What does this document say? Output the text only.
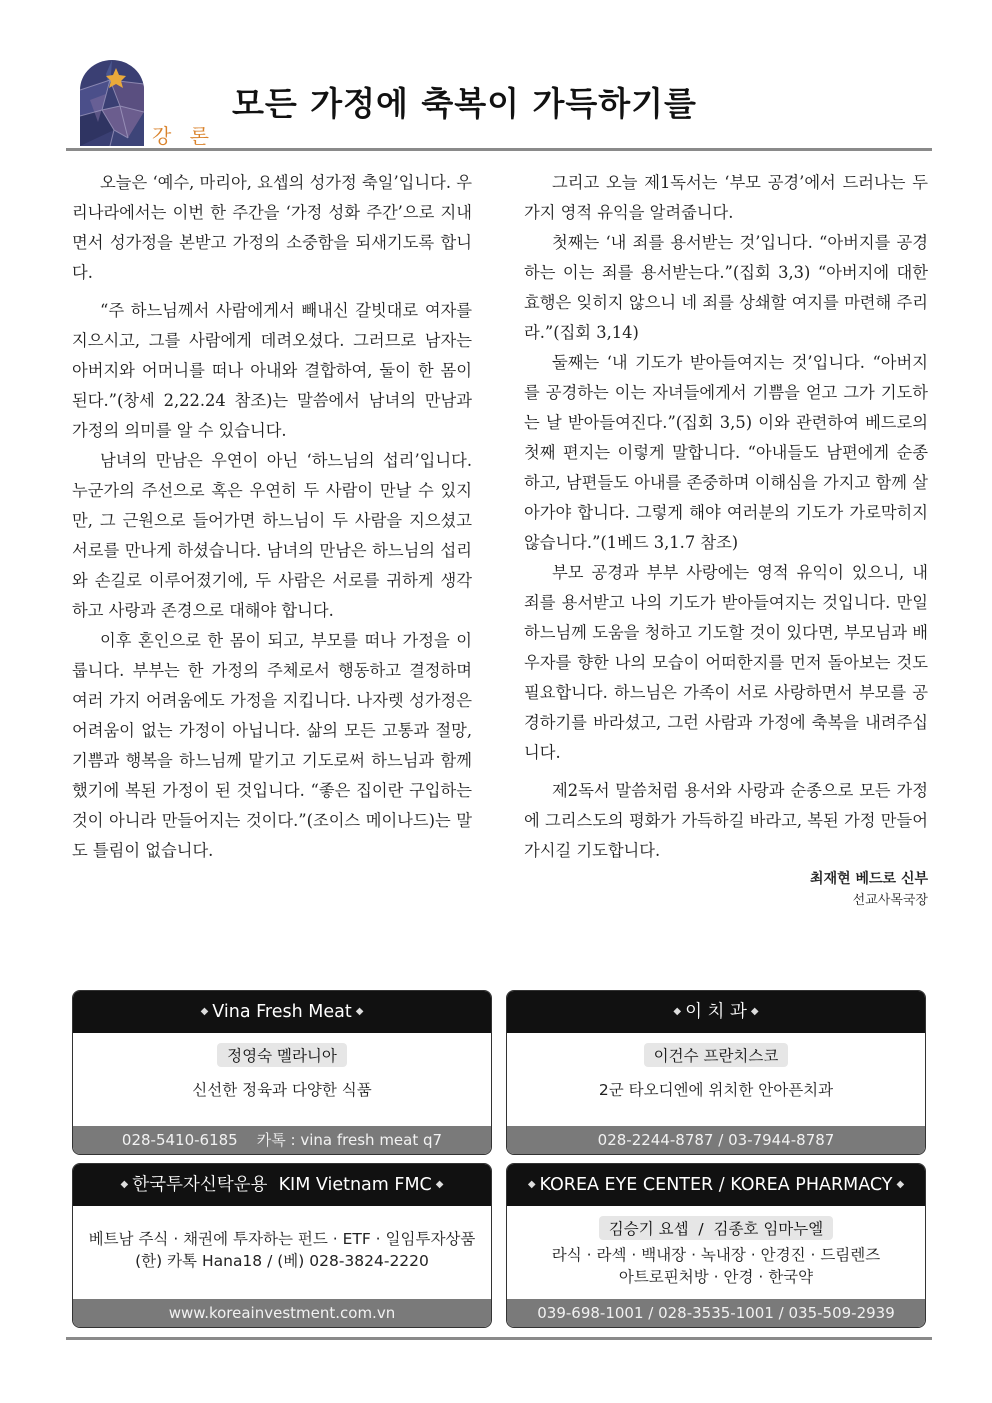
강 론
모든 가정에 축복이 가득하기를

오늘은 ‘예수, 마리아, 요셉의 성가정 축일’입니다. 우리나라에서는 이번 한 주간을 ‘가정 성화 주간’으로 지내면서 성가정을 본받고 가정의 소중함을 되새기도록 합니다.

“주 하느님께서 사람에게서 빼내신 갈빗대로 여자를 지으시고, 그를 사람에게 데려오셨다. 그러므로 남자는 아버지와 어머니를 떠나 아내와 결합하여, 둘이 한 몸이 된다.”(창세 2,22.24 참조)는 말씀에서 남녀의 만남과 가정의 의미를 알 수 있습니다.

남녀의 만남은 우연이 아닌 ‘하느님의 섭리’입니다. 누군가의 주선으로 혹은 우연히 두 사람이 만날 수 있지만, 그 근원으로 들어가면 하느님이 두 사람을 지으셨고 서로를 만나게 하셨습니다. 남녀의 만남은 하느님의 섭리와 손길로 이루어졌기에, 두 사람은 서로를 귀하게 생각하고 사랑과 존경으로 대해야 합니다.

이후 혼인으로 한 몸이 되고, 부모를 떠나 가정을 이룹니다. 부부는 한 가정의 주체로서 행동하고 결정하며 여러 가지 어려움에도 가정을 지킵니다. 나자렛 성가정은 어려움이 없는 가정이 아닙니다. 삶의 모든 고통과 절망, 기쁨과 행복을 하느님께 맡기고 기도로써 하느님과 함께 했기에 복된 가정이 된 것입니다. “좋은 집이란 구입하는 것이 아니라 만들어지는 것이다.”(조이스 메이나드)는 말도 틀림이 없습니다.

그리고 오늘 제1독서는 ‘부모 공경’에서 드러나는 두 가지 영적 유익을 알려줍니다.

첫째는 ‘내 죄를 용서받는 것’입니다. “아버지를 공경하는 이는 죄를 용서받는다.”(집회 3,3) “아버지에 대한 효행은 잊히지 않으니 네 죄를 상쇄할 여지를 마련해 주리라.”(집회 3,14)

둘째는 ‘내 기도가 받아들여지는 것’입니다. “아버지를 공경하는 이는 자녀들에게서 기쁨을 얻고 그가 기도하는 날 받아들여진다.”(집회 3,5) 이와 관련하여 베드로의 첫째 편지는 이렇게 말합니다. “아내들도 남편에게 순종하고, 남편들도 아내를 존중하며 이해심을 가지고 함께 살아가야 합니다. 그렇게 해야 여러분의 기도가 가로막히지 않습니다.”(1베드 3,1.7 참조)

부모 공경과 부부 사랑에는 영적 유익이 있으니, 내 죄를 용서받고 나의 기도가 받아들여지는 것입니다. 만일 하느님께 도움을 청하고 기도할 것이 있다면, 부모님과 배우자를 향한 나의 모습이 어떠한지를 먼저 돌아보는 것도 필요합니다. 하느님은 가족이 서로 사랑하면서 부모를 공경하기를 바라셨고, 그런 사람과 가정에 축복을 내려주십니다.

제2독서 말씀처럼 용서와 사랑과 순종으로 모든 가정에 그리스도의 평화가 가득하길 바라고, 복된 가정 만들어가시길 기도합니다.

최재현 베드로 신부
선교사목국장
◆ Vina Fresh Meat ◆
정영숙 멜라니아
신선한 정육과 다양한 식품
028-5410-6185    카톡 : vina fresh meat q7
◆ 이 치 과 ◆
이건수 프란치스코
2군 타오디엔에 위치한 안아픈치과
028-2244-8787 / 03-7944-8787
◆ 한국투자신탁운용  KIM Vietnam FMC ◆
베트남 주식 · 채권에 투자하는 펀드 · ETF · 일임투자상품
(한) 카톡 Hana18 / (베) 028-3824-2220
www.koreainvestment.com.vn
◆ KOREA EYE CENTER / KOREA PHARMACY ◆
김승기 요셉  /  김종호 임마누엘
라식 · 라섹 · 백내장 · 녹내장 · 안경진 · 드림렌즈
아트로핀처방 · 안경 · 한국약
039-698-1001 / 028-3535-1001 / 035-509-2939
